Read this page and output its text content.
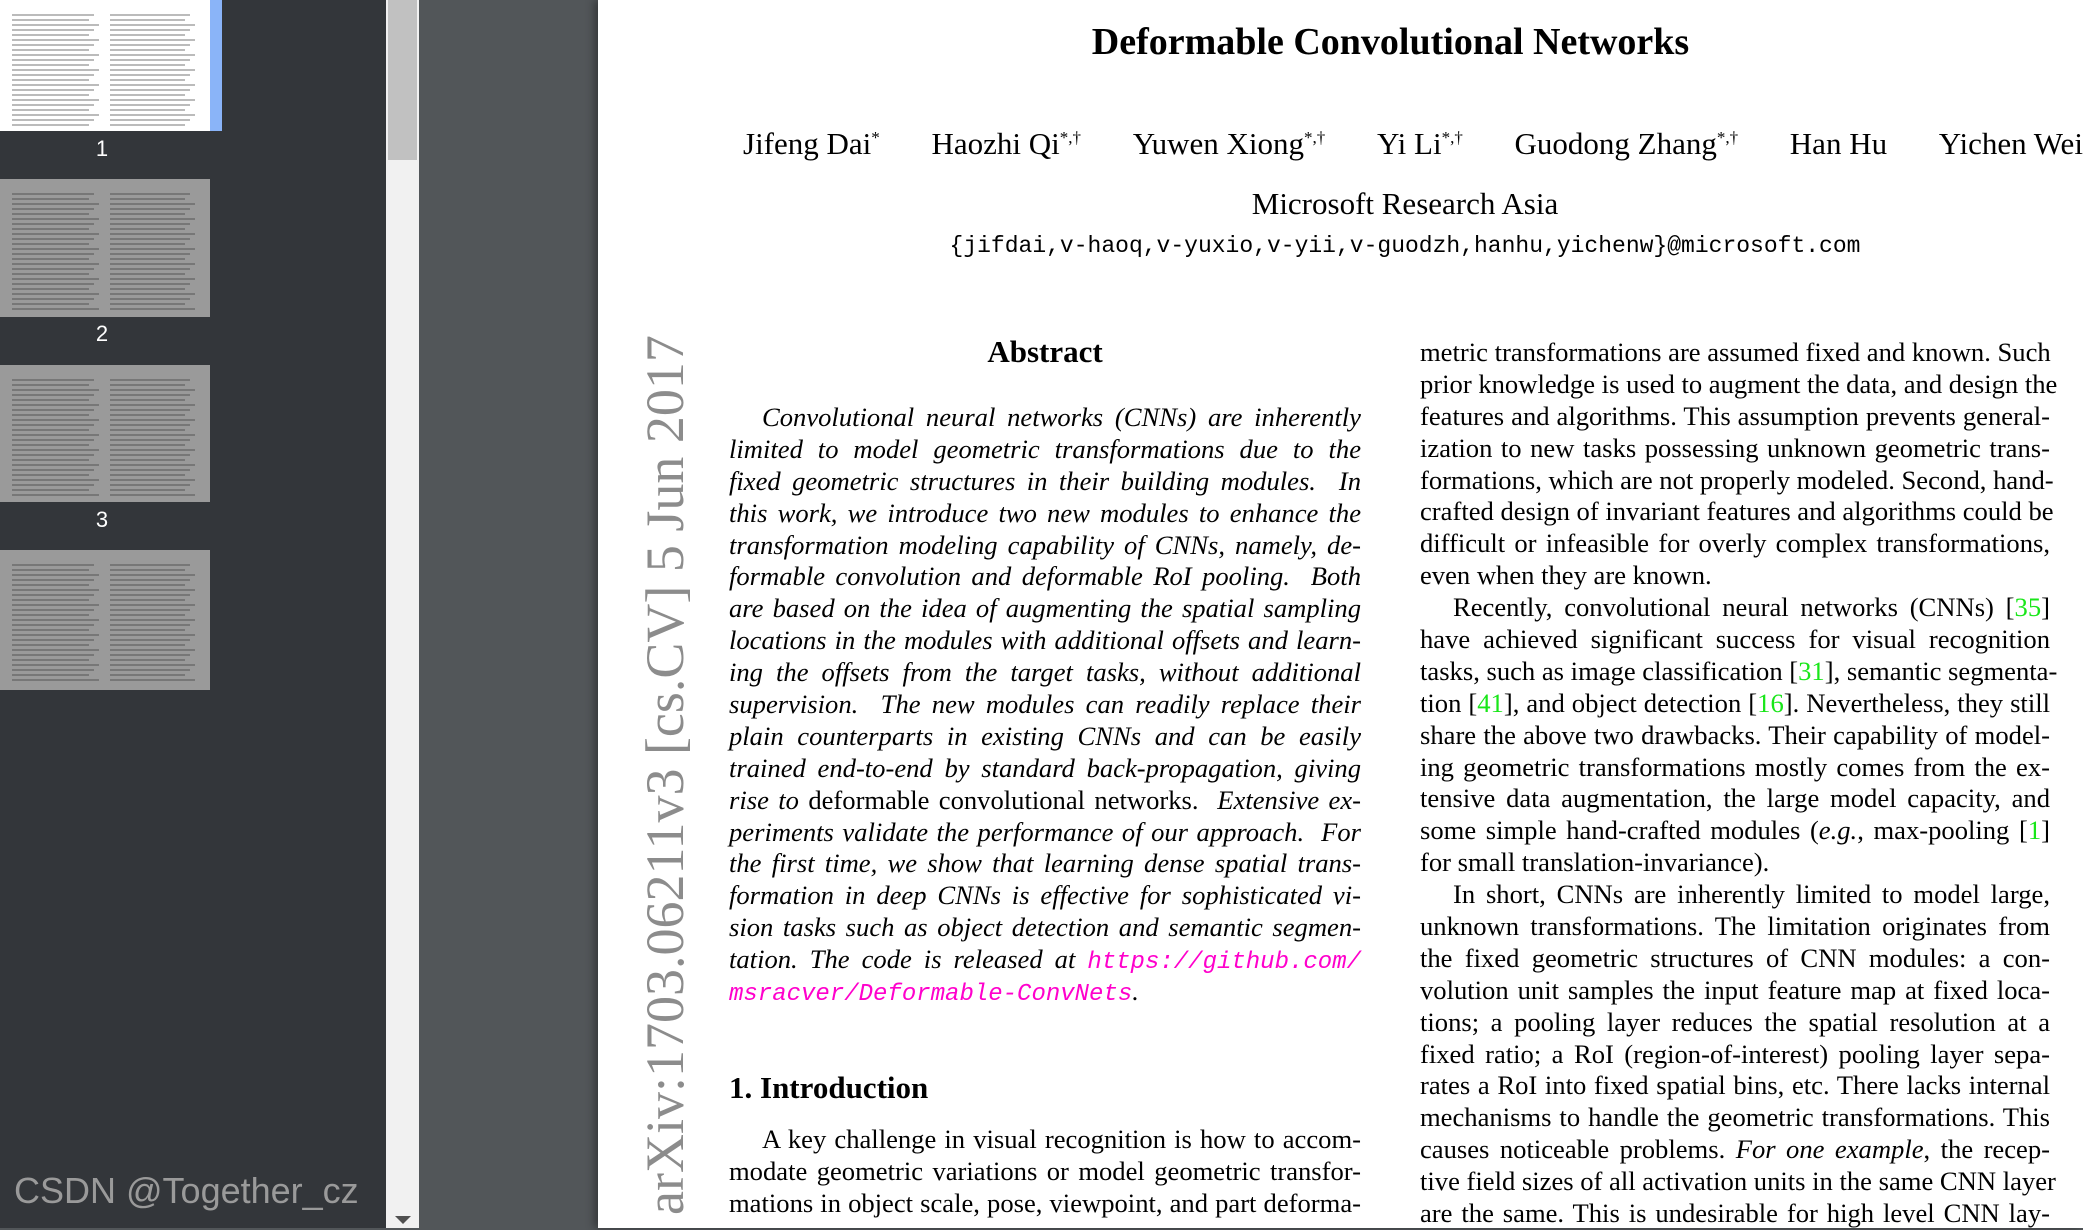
1
2
3
CSDN @Together_cz
Deformable Convolutional Networks
Jifeng Dai* Haozhi Qi*,† Yuwen Xiong*,† Yi Li*,† Guodong Zhang*,† Han Hu Yichen Wei
Microsoft Research Asia
{jifdai,v-haoq,v-yuxio,v-yii,v-guodzh,hanhu,yichenw}@microsoft.com
arXiv:1703.06211v3 [cs.CV] 5 Jun 2017	Abstract
Convolutional neural networks (CNNs) are inherently
limited to model geometric transformations due to the
fixed geometric structures in their building modules.  In
this work, we introduce two new modules to enhance the
transformation modeling capability of CNNs, namely, de-
formable convolution and deformable RoI pooling.  Both
are based on the idea of augmenting the spatial sampling
locations in the modules with additional offsets and learn-
ing the offsets from the target tasks, without additional
supervision.  The new modules can readily replace their
plain counterparts in existing CNNs and can be easily
trained end-to-end by standard back-propagation, giving
rise to deformable convolutional networks.  Extensive ex-
periments validate the performance of our approach.  For
the first time, we show that learning dense spatial trans-
formation in deep CNNs is effective for sophisticated vi-
sion tasks such as object detection and semantic segmen-
tation. The code is released at https://github.com/
msracver/Deformable-ConvNets.
1. Introduction
A key challenge in visual recognition is how to accom-
modate geometric variations or model geometric transfor-
mations in object scale, pose, viewpoint, and part deforma-
metric transformations are assumed fixed and known. Such
prior knowledge is used to augment the data, and design the
features and algorithms. This assumption prevents general-
ization to new tasks possessing unknown geometric trans-
formations, which are not properly modeled. Second, hand-
crafted design of invariant features and algorithms could be
difficult or infeasible for overly complex transformations,
even when they are known.
Recently, convolutional neural networks (CNNs) [35]
have achieved significant success for visual recognition
tasks, such as image classification [31], semantic segmenta-
tion [41], and object detection [16]. Nevertheless, they still
share the above two drawbacks. Their capability of model-
ing geometric transformations mostly comes from the ex-
tensive data augmentation, the large model capacity, and
some simple hand-crafted modules (e.g., max-pooling [1]
for small translation-invariance).
In short, CNNs are inherently limited to model large,
unknown transformations. The limitation originates from
the fixed geometric structures of CNN modules: a con-
volution unit samples the input feature map at fixed loca-
tions; a pooling layer reduces the spatial resolution at a
fixed ratio; a RoI (region-of-interest) pooling layer sepa-
rates a RoI into fixed spatial bins, etc. There lacks internal
mechanisms to handle the geometric transformations. This
causes noticeable problems. For one example, the recep-
tive field sizes of all activation units in the same CNN layer
are the same. This is undesirable for high level CNN lay-
